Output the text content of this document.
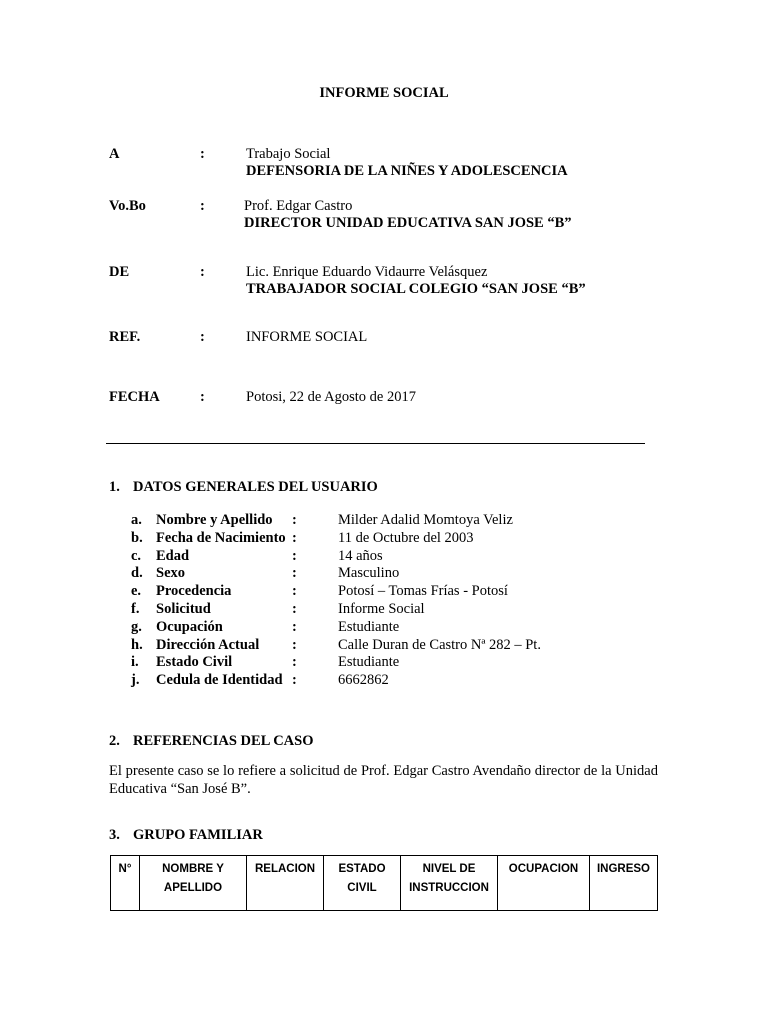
INFORME SOCIAL
A	:	Trabajo Social
DEFENSORIA DE LA NIÑES Y ADOLESCENCIA
Vo.Bo	:	Prof. Edgar Castro
DIRECTOR UNIDAD EDUCATIVA SAN JOSE “B”
DE	:	Lic. Enrique Eduardo Vidaurre Velásquez
TRABAJADOR SOCIAL COLEGIO “SAN JOSE “B”
REF.	:	INFORME SOCIAL
FECHA	:	Potosi, 22 de Agosto de 2017
1. DATOS GENERALES DEL USUARIO
a. Nombre y Apellido :	Milder Adalid Momtoya Veliz
b. Fecha de Nacimiento :	11 de Octubre del 2003
c. Edad	:	14 años
d. Sexo	:	Masculino
e. Procedencia	:	Potosí – Tomas Frías - Potosí
f. Solicitud	:	Informe Social
g. Ocupación	:	Estudiante
h. Dirección Actual :	Calle Duran de Castro Nª 282 – Pt.
i. Estado Civil	:	Estudiante
j. Cedula de Identidad :	6662862
2. REFERENCIAS DEL CASO
El presente caso se lo refiere a solicitud de Prof. Edgar Castro Avendaño director de la Unidad Educativa “San José B”.
3. GRUPO FAMILIAR
N°	NOMBRE Y APELLIDO	RELACION	ESTADO CIVIL	NIVEL DE INSTRUCCION	OCUPACION	INGRESO
